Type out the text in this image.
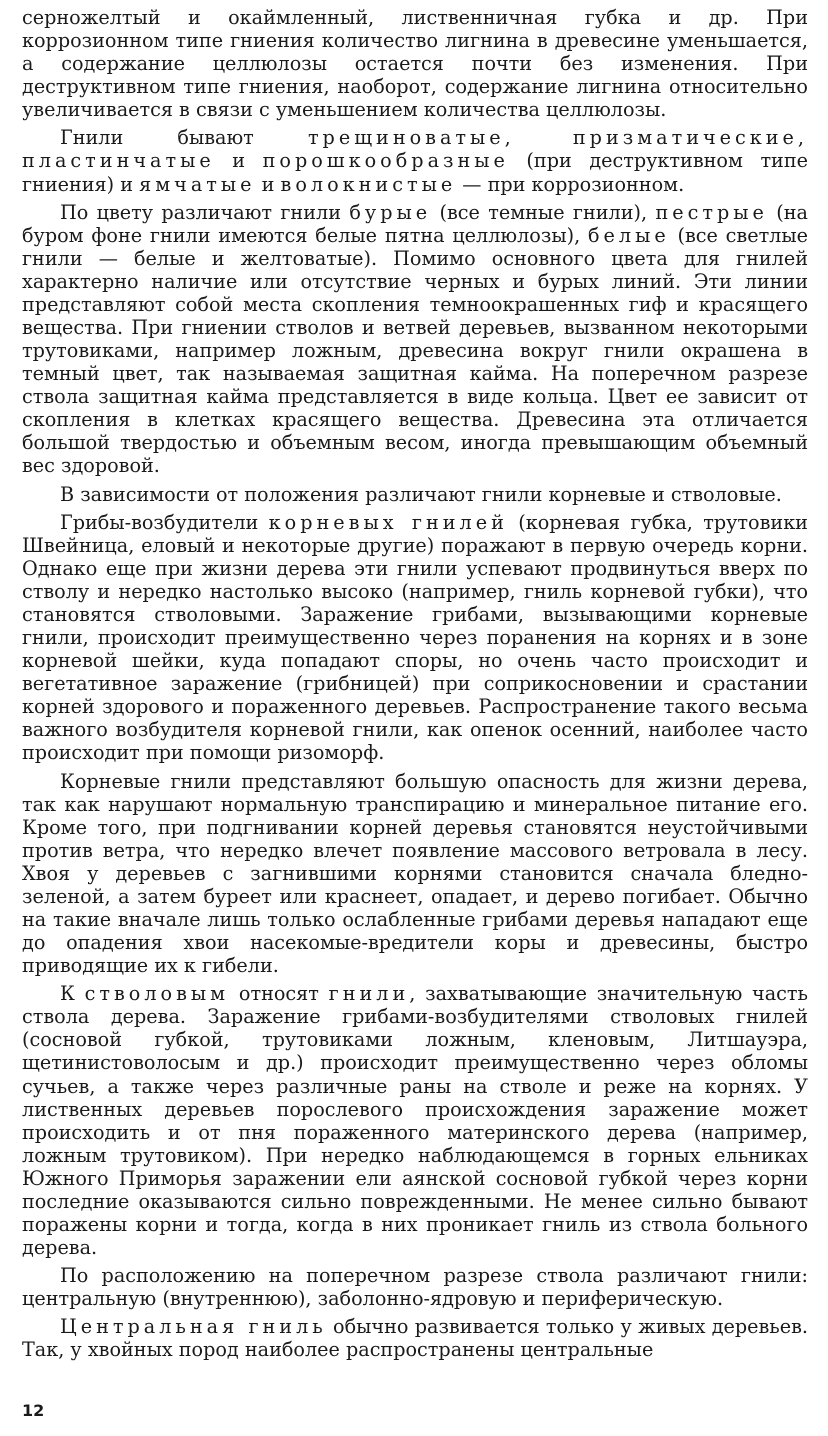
серножелтый и окаймленный, лиственничная губка и др. При коррозионном типе гниения количество лигнина в древесине уменьшается, а содержание целлюлозы остается почти без изменения. При деструктивном типе гниения, наоборот, содержание лигнина относительно увеличивается в связи с уменьшением количества целлюлозы.

Гнили бывают трещиноватые, призматические, пластинчатые и порошкообразные (при деструктивном типе гниения) и ямчатые и волокнистые — при коррозионном.

По цвету различают гнили бурые (все темные гнили), пестрые (на буром фоне гнили имеются белые пятна целлюлозы), белые (все светлые гнили — белые и желтоватые). Помимо основного цвета для гнилей характерно наличие или отсутствие черных и бурых линий. Эти линии представляют собой места скопления темноокрашенных гиф и красящего вещества. При гниении стволов и ветвей деревьев, вызванном некоторыми трутовиками, например ложным, древесина вокруг гнили окрашена в темный цвет, так называемая защитная кайма. На поперечном разрезе ствола защитная кайма представляется в виде кольца. Цвет ее зависит от скопления в клетках красящего вещества. Древесина эта отличается большой твердостью и объемным весом, иногда превышающим объемный вес здоровой.

В зависимости от положения различают гнили корневые и стволовые.

Грибы-возбудители корневых гнилей (корневая губка, трутовики Швейница, еловый и некоторые другие) поражают в первую очередь корни. Однако еще при жизни дерева эти гнили успевают продвинуться вверх по стволу и нередко настолько высоко (например, гниль корневой губки), что становятся стволовыми. Заражение грибами, вызывающими корневые гнили, происходит преимущественно через поранения на корнях и в зоне корневой шейки, куда попадают споры, но очень часто происходит и вегетативное заражение (грибницей) при соприкосновении и срастании корней здорового и пораженного деревьев. Распространение такого весьма важного возбудителя корневой гнили, как опенок осенний, наиболее часто происходит при помощи ризоморф.

Корневые гнили представляют большую опасность для жизни дерева, так как нарушают нормальную транспирацию и минеральное питание его. Кроме того, при подгнивании корней деревья становятся неустойчивыми против ветра, что нередко влечет появление массового ветровала в лесу. Хвоя у деревьев с загнившими корнями становится сначала бледно-зеленой, а затем буреет или краснеет, опадает, и дерево погибает. Обычно на такие вначале лишь только ослабленные грибами деревья нападают еще до опадения хвои насекомые-вредители коры и древесины, быстро приводящие их к гибели.

К стволовым относят гнили, захватывающие значительную часть ствола дерева. Заражение грибами-возбудителями стволовых гнилей (сосновой губкой, трутовиками ложным, кленовым, Литшауэра, щетинистоволосым и др.) происходит преимущественно через обломы сучьев, а также через различные раны на стволе и реже на корнях. У лиственных деревьев порослевого происхождения заражение может происходить и от пня пораженного материнского дерева (например, ложным трутовиком). При нередко наблюдающемся в горных ельниках Южного Приморья заражении ели аянской сосновой губкой через корни последние оказываются сильно поврежденными. Не менее сильно бывают поражены корни и тогда, когда в них проникает гниль из ствола больного дерева.

По расположению на поперечном разрезе ствола различают гнили: центральную (внутреннюю), заболонно-ядровую и периферическую.

Центральная гниль обычно развивается только у живых деревьев. Так, у хвойных пород наиболее распространены центральные

12
